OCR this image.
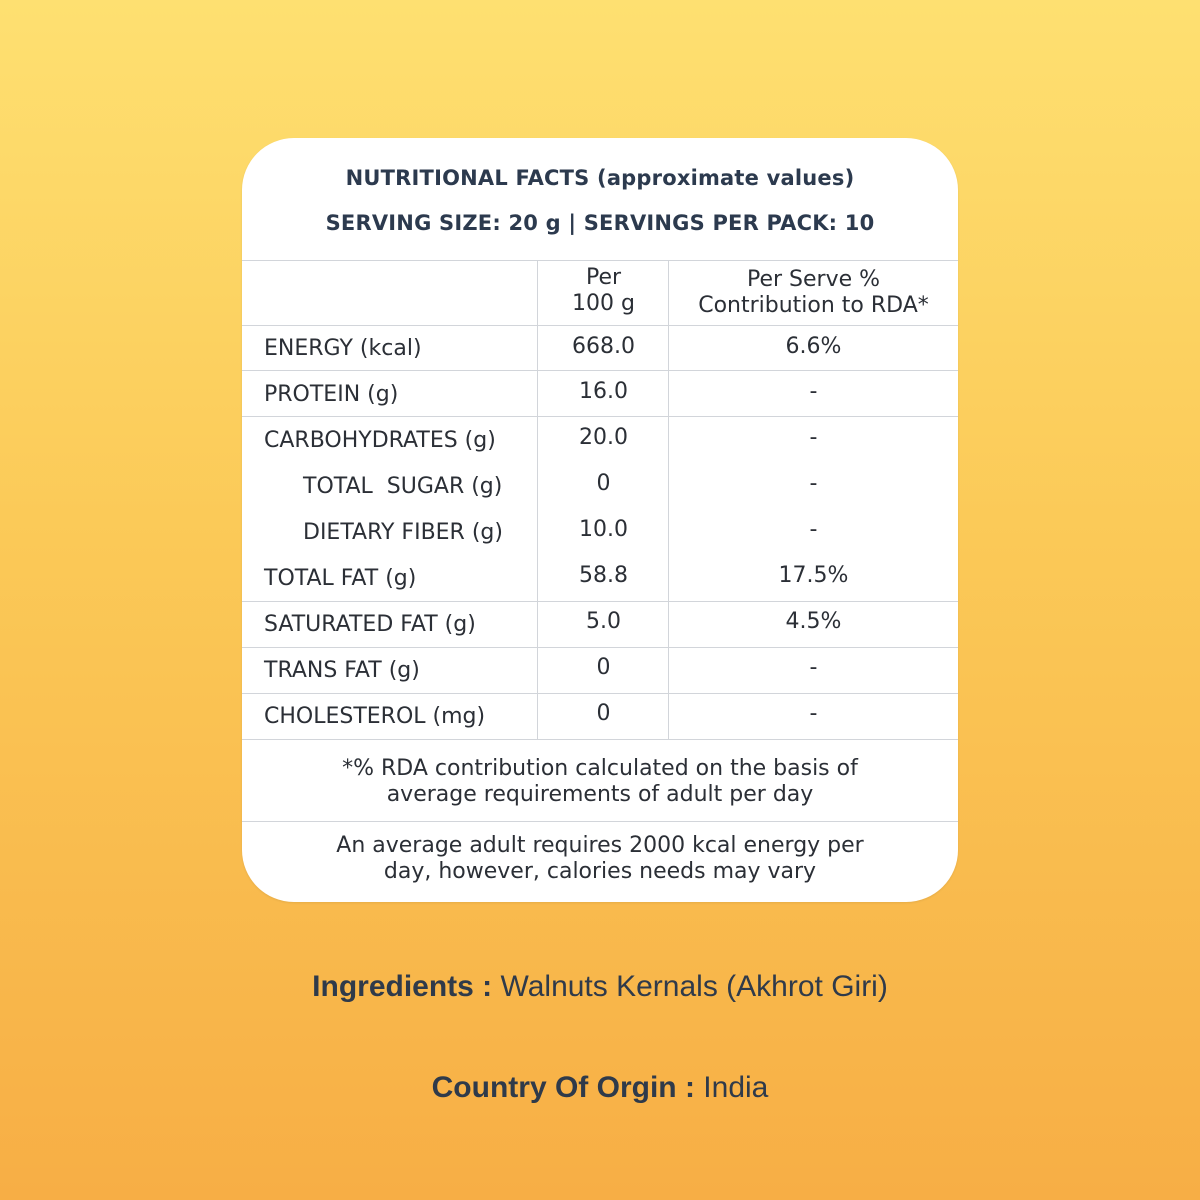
NUTRITIONAL FACTS (approximate values)
SERVING SIZE: 20 g | SERVINGS PER PACK: 10
Per
100 g
Per Serve %
Contribution to RDA*
ENERGY (kcal)	668.0	6.6%
PROTEIN (g)	16.0	-
CARBOHYDRATES (g)	20.0	-
TOTAL  SUGAR (g)	0	-
DIETARY FIBER (g)	10.0	-
TOTAL FAT (g)	58.8	17.5%
SATURATED FAT (g)	5.0	4.5%
TRANS FAT (g)	0	-
CHOLESTEROL (mg)	0	-
*% RDA contribution calculated on the basis of
average requirements of adult per day
An average adult requires 2000 kcal energy per
day, however, calories needs may vary
Ingredients : Walnuts Kernals (Akhrot Giri)
Country Of Orgin : India
